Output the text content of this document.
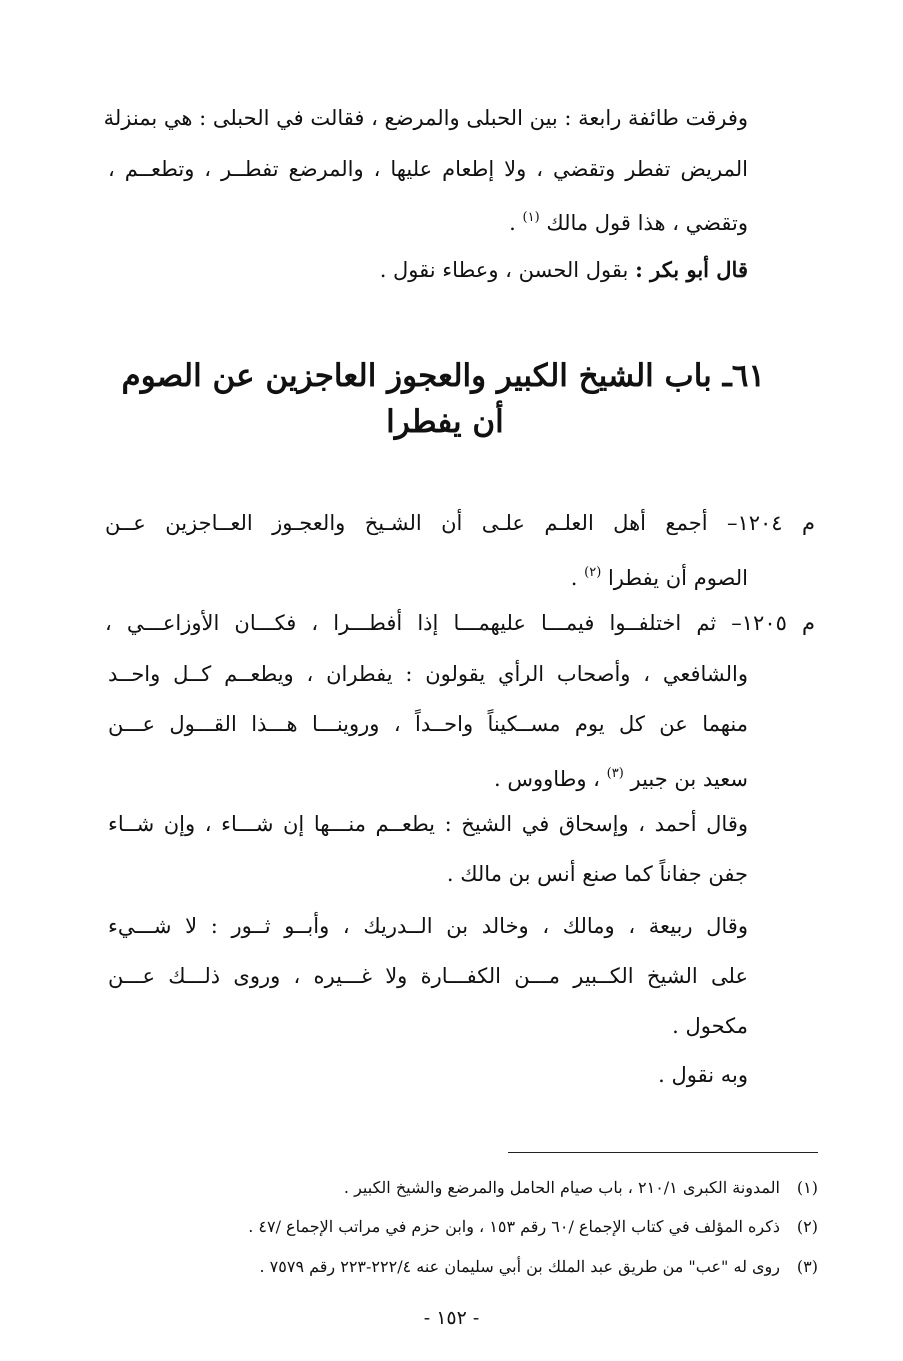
وفرقت طائفة رابعة : بين الحبلى والمرضع ، فقالت في الحبلى : هي بمنزلة
المريض تفطر وتقضي ، ولا إطعام عليها ، والمرضع تفطــر ، وتطعــم ،
وتقضي ، هذا قول مالك $^{(١)}$ .
قال أبو بكر : بقول الحسن ، وعطاء نقول .
٦١ـ باب الشيخ الكبير والعجوز العاجزين عن الصوم
أن يفطرا
م ١٢٠٤– أجمع أهل العلـم علـى أن الشـيخ والعجـوز العــاجزين عــن
الصوم أن يفطرا $^{(٢)}$ .
م ١٢٠٥– ثم اختلفــوا فيمـــا عليهمـــا إذا أفطـــرا ، فكـــان الأوزاعـــي ،
والشافعي ، وأصحاب الرأي يقولون : يفطران ، ويطعــم كــل واحــد
منهما عن كل يوم مســكيناً واحــداً ، وروينـــا هـــذا القـــول عـــن
سعيد بن جبير $^{(٣)}$ ، وطاووس .
وقال أحمد ، وإسحاق في الشيخ : يطعــم منـــها إن شـــاء ، وإن شــاء
جفن جفاناً كما صنع أنس بن مالك .
وقال ربيعة ، ومالك ، وخالد بن الــدريك ، وأبــو ثــور : لا شـــيء
على الشيخ الكــبير مـــن الكفـــارة ولا غـــيره ، وروى ذلـــك عـــن
مكحول .
وبه نقول .
(١)المدونة الكبرى ٢١٠/١ ، باب صيام الحامل والمرضع والشيخ الكبير .
(٢)ذكره المؤلف في كتاب الإجماع /٦٠ رقم ١٥٣ ، وابن حزم في مراتب الإجماع /٤٧ .
(٣)روى له "عب" من طريق عبد الملك بن أبي سليمان عنه ٢٢٢/٤-٢٢٣ رقم ٧٥٧٩ .
- ١٥٢ -
